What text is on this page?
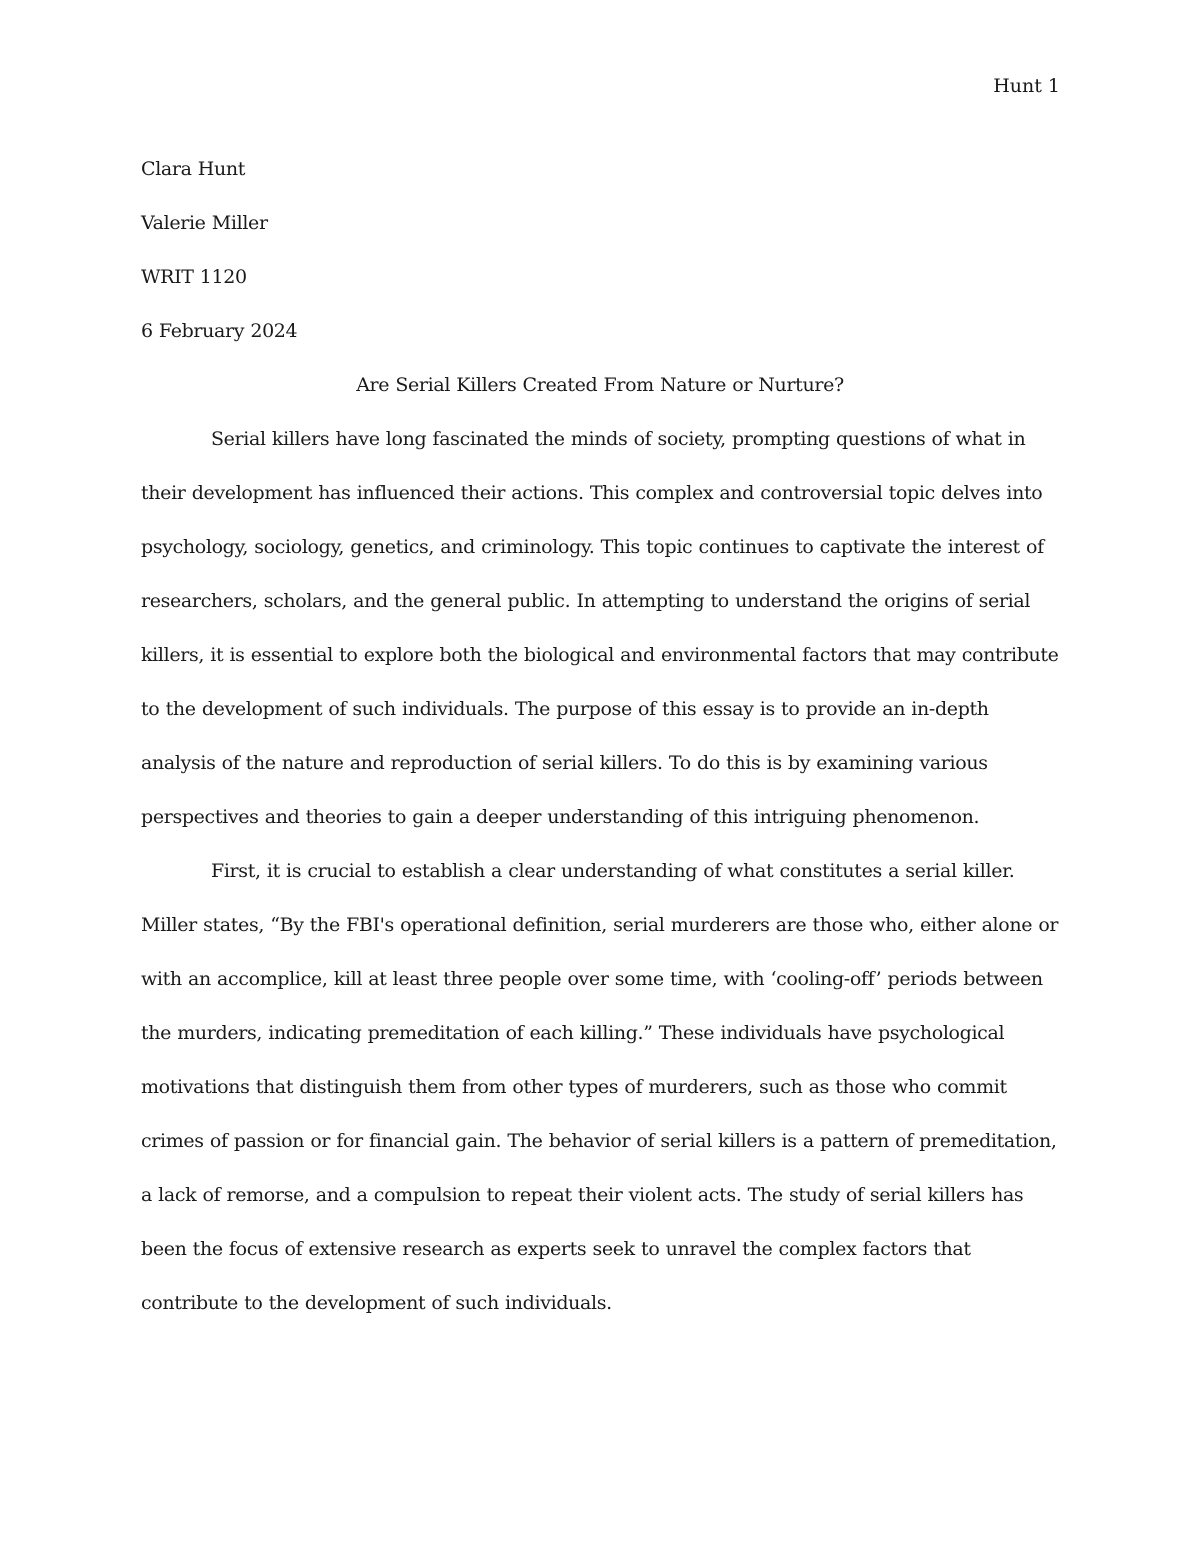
Hunt 1

Clara Hunt

Valerie Miller

WRIT 1120

6 February 2024

Are Serial Killers Created From Nature or Nurture?

Serial killers have long fascinated the minds of society, prompting questions of what in their development has influenced their actions. This complex and controversial topic delves into psychology, sociology, genetics, and criminology. This topic continues to captivate the interest of researchers, scholars, and the general public. In attempting to understand the origins of serial killers, it is essential to explore both the biological and environmental factors that may contribute to the development of such individuals. The purpose of this essay is to provide an in-depth analysis of the nature and reproduction of serial killers. To do this is by examining various perspectives and theories to gain a deeper understanding of this intriguing phenomenon.

First, it is crucial to establish a clear understanding of what constitutes a serial killer. Miller states, “By the FBI's operational definition, serial murderers are those who, either alone or with an accomplice, kill at least three people over some time, with ‘cooling-off’ periods between the murders, indicating premeditation of each killing.” These individuals have psychological motivations that distinguish them from other types of murderers, such as those who commit crimes of passion or for financial gain. The behavior of serial killers is a pattern of premeditation, a lack of remorse, and a compulsion to repeat their violent acts. The study of serial killers has been the focus of extensive research as experts seek to unravel the complex factors that contribute to the development of such individuals.
